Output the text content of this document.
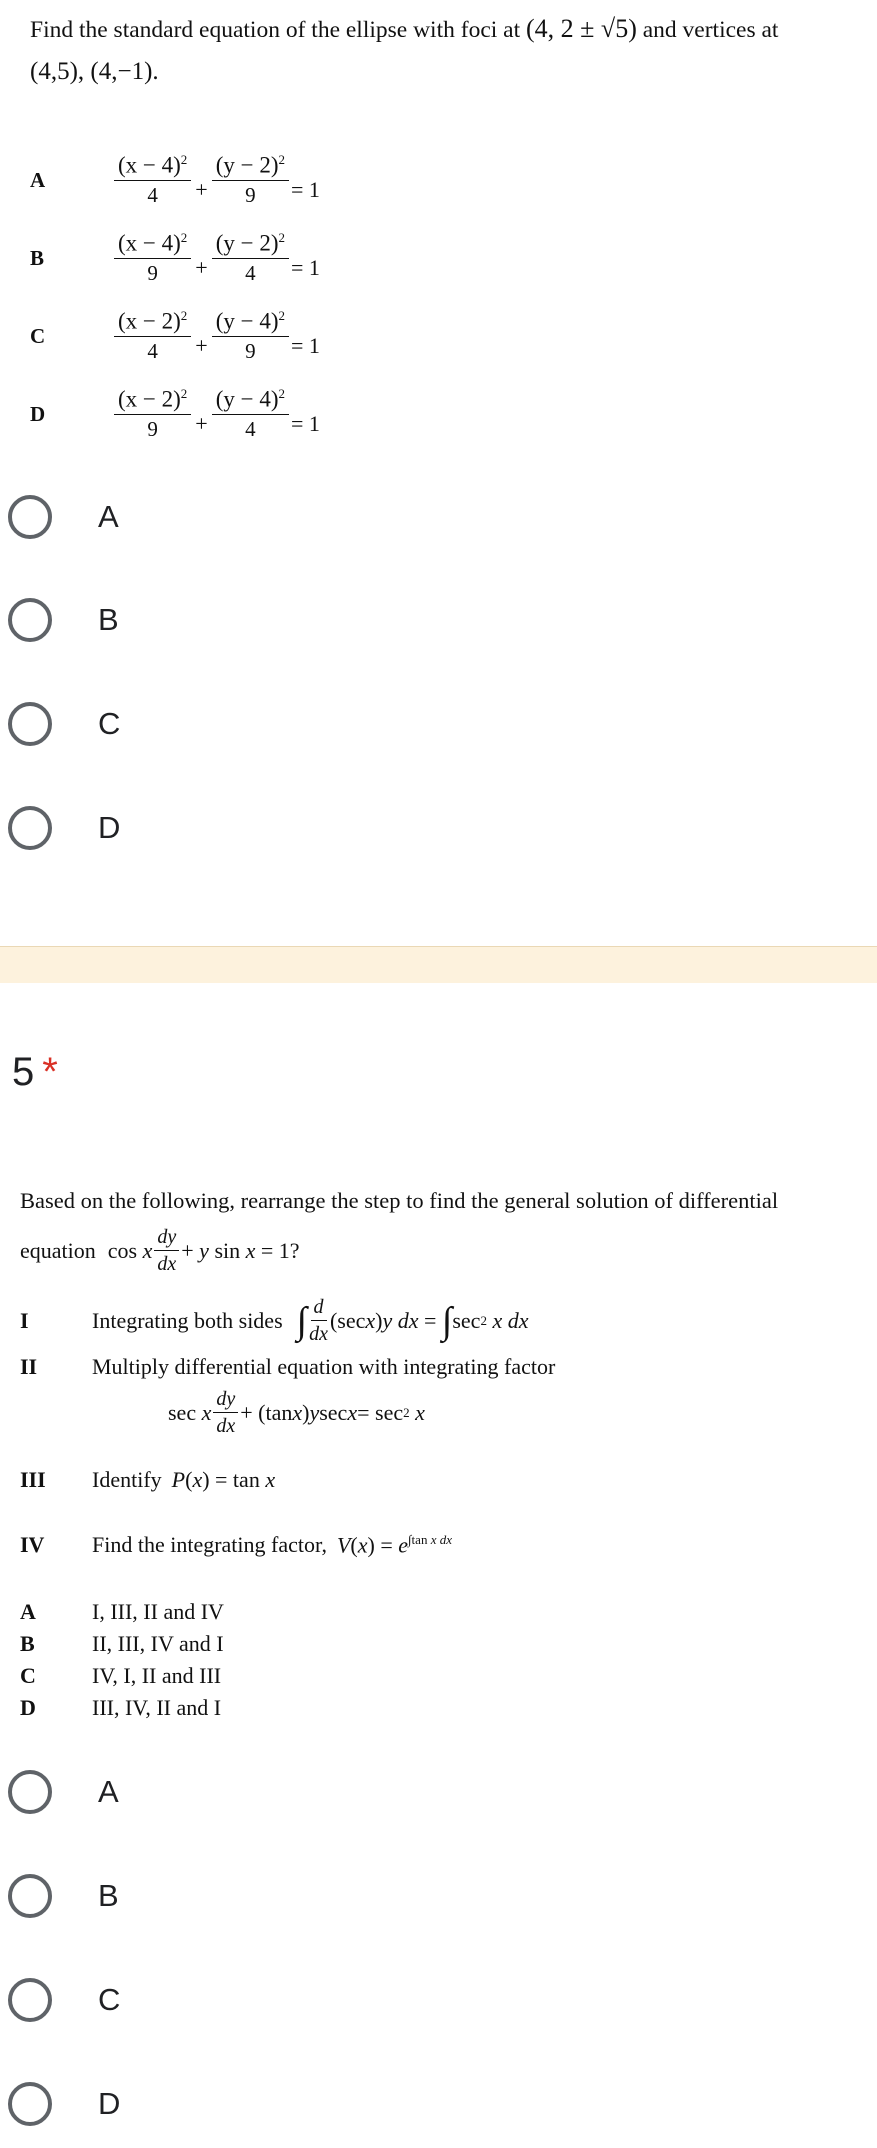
Find the standard equation of the ellipse with foci at (4, 2 ± √5) and vertices at
(4,5), (4,−1).
A	$\frac{(x - 4)^2}{4} + \frac{(y - 2)^2}{9} = 1$
B	$\frac{(x - 4)^2}{9} + \frac{(y - 2)^2}{4} = 1$
C	$\frac{(x - 2)^2}{4} + \frac{(y - 4)^2}{9} = 1$
D	$\frac{(x - 2)^2}{9} + \frac{(y - 4)^2}{4} = 1$
A
B
C
D
5 *
Based on the following, rearrange the step to find the general solution of differential
equation cos x $\frac{dy}{dx} + y$ sin x = 1?
I	Integrating both sides ∫ $\frac{d}{dx} (\sec$ x ) y
dx = ∫ sec 2
x
dx
II	Multiply differential equation with integrating factor
sec x $\frac{dy}{dx} + (\tan$ x ) y sec x = sec 2
x
III	Identify P(x) = tan x
IV	Find the integrating factor, $V(x) = e^{\int tan x dx}$
A	I, III, II and IV
B	II, III, IV and I
C	IV, I, II and III
D	III, IV, II and I
A
B
C
D
